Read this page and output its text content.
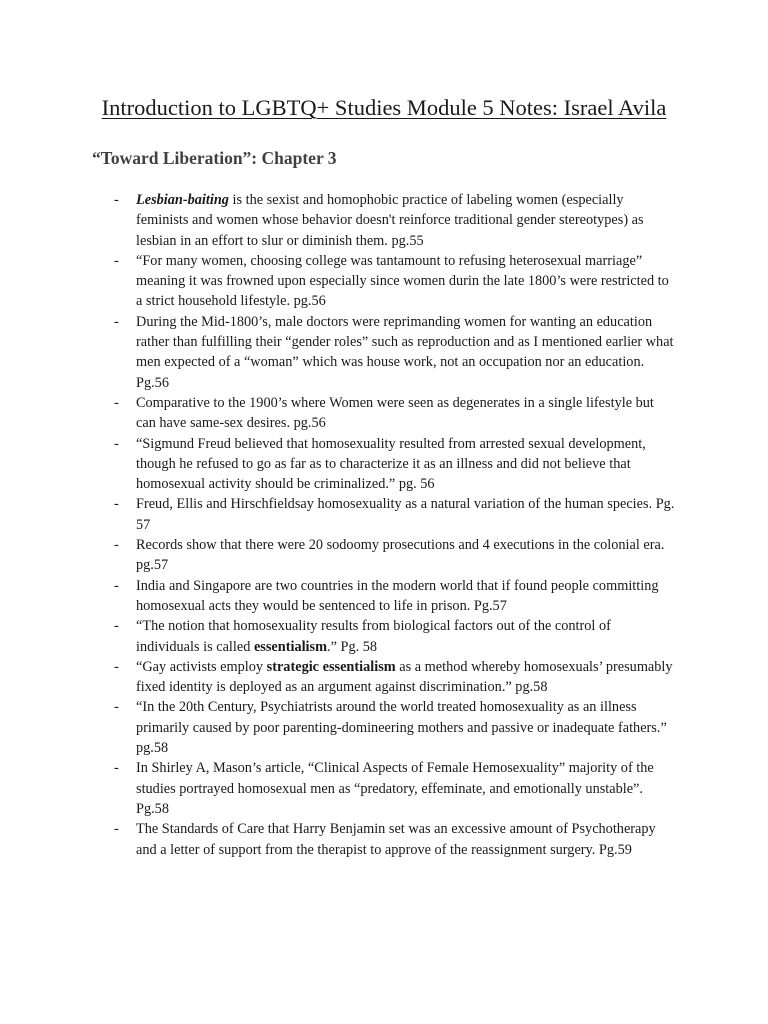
Introduction to LGBTQ+ Studies Module 5 Notes: Israel Avila
“Toward Liberation”: Chapter 3
- Lesbian-baiting is the sexist and homophobic practice of labeling women (especially feminists and women whose behavior doesn't reinforce traditional gender stereotypes) as lesbian in an effort to slur or diminish them. pg.55
- “For many women, choosing college was tantamount to refusing heterosexual marriage” meaning it was frowned upon especially since women durin the late 1800’s were restricted to a strict household lifestyle. pg.56
- During the Mid-1800’s, male doctors were reprimanding women for wanting an education rather than fulfilling their “gender roles” such as reproduction and as I mentioned earlier what men expected of a “woman” which was house work, not an occupation nor an education. Pg.56
- Comparative to the 1900’s where Women were seen as degenerates in a single lifestyle but can have same-sex desires. pg.56
- “Sigmund Freud believed that homosexuality resulted from arrested sexual development, though he refused to go as far as to characterize it as an illness and did not believe that homosexual activity should be criminalized.” pg. 56
- Freud, Ellis and Hirschfieldsay homosexuality as a natural variation of the human species. Pg. 57
- Records show that there were 20 sodoomy prosecutions and 4 executions in the colonial era. pg.57
- India and Singapore are two countries in the modern world that if found people committing homosexual acts they would be sentenced to life in prison. Pg.57
- “The notion that homosexuality results from biological factors out of the control of individuals is called essentialism.” Pg. 58
- “Gay activists employ strategic essentialism as a method whereby homosexuals’ presumably fixed identity is deployed as an argument against discrimination.” pg.58
- “In the 20th Century, Psychiatrists around the world treated homosexuality as an illness primarily caused by poor parenting-domineering mothers and passive or inadequate fathers.” pg.58
- In Shirley A, Mason’s article, “Clinical Aspects of Female Hemosexuality” majority of the studies portrayed homosexual men as “predatory, effeminate, and emotionally unstable”. Pg.58
- The Standards of Care that Harry Benjamin set was an excessive amount of Psychotherapy and a letter of support from the therapist to approve of the reassignment surgery. Pg.59
